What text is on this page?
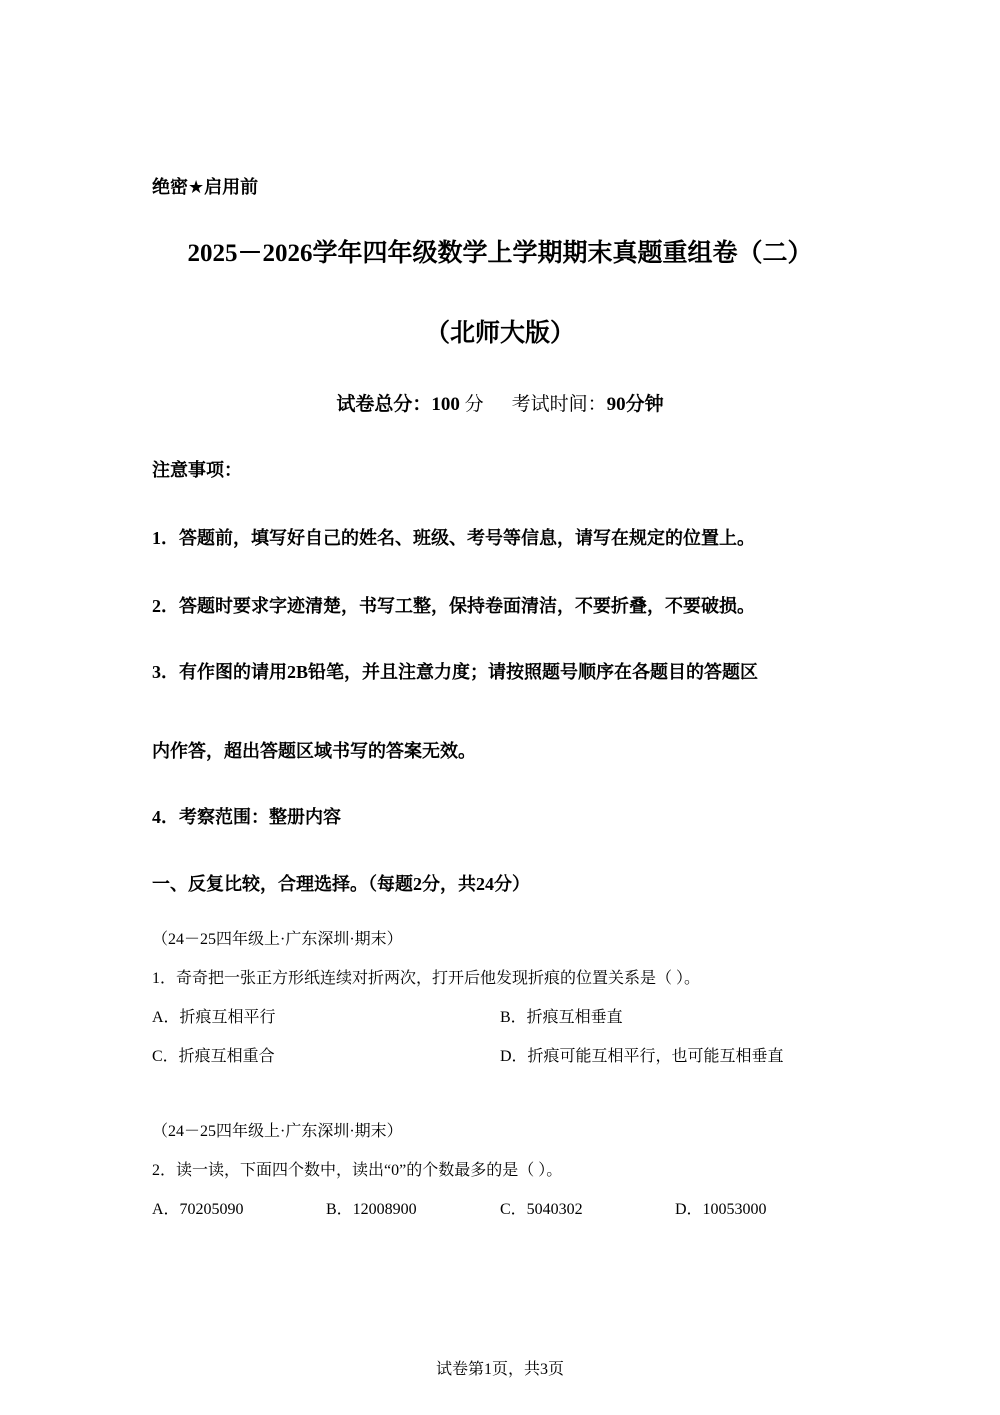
绝密★启用前
2025－2026学年四年级数学上学期期末真题重组卷（二）
（北师大版）
试卷总分：100 分 考试时间：90分钟
注意事项：
1．答题前，填写好自己的姓名、班级、考号等信息，请写在规定的位置上。
2．答题时要求字迹清楚，书写工整，保持卷面清洁，不要折叠，不要破损。
3．有作图的请用2B铅笔，并且注意力度；请按照题号顺序在各题目的答题区
内作答，超出答题区域书写的答案无效。
4．考察范围：整册内容
一、反复比较，合理选择。（每题2分，共24分）
（24－25四年级上·广东深圳·期末）
1．奇奇把一张正方形纸连续对折两次，打开后他发现折痕的位置关系是（ ）。
A．折痕互相平行	B．折痕互相垂直
C．折痕互相重合	D．折痕可能互相平行，也可能互相垂直
（24－25四年级上·广东深圳·期末）
2．读一读，下面四个数中，读出“0”的个数最多的是（ ）。
A．70205090	B．12008900	C．5040302	D．10053000
试卷第1页，共3页
